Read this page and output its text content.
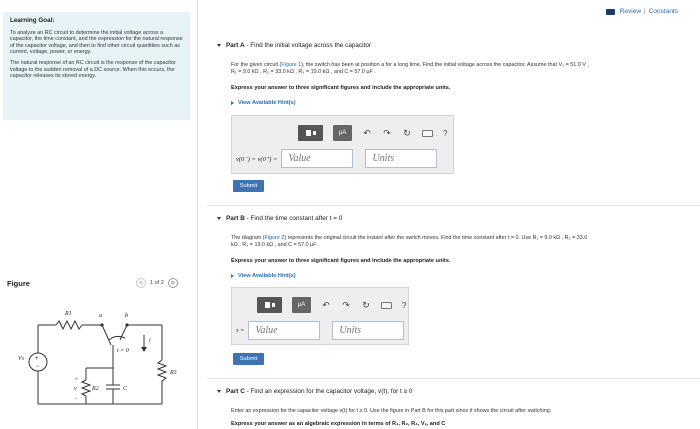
Review | Constants
Learning Goal:

To analyze an RC circuit to determine the initial voltage across a capacitor, the time constant, and the expression for the natural response of the capacitor voltage, and then to find other circuit quantities such as current, voltage, power, or energy.

The natural response of an RC circuit is the response of the capacitor voltage to the sudden removal of a DC source. When this occurs, the capacitor releases its stored energy.

Figure	< 1 of 2 >
R1	a	b
t = 0
i
R3
Vs
R2	C
+
v
−
+
−
Part A - Find the initial voltage across the capacitor
For the given circuit (Figure 1), the switch has been at position a for a long time. Find the initial voltage across the capacitor. Assume that Vₛ = 51.0 V ,
R₁ = 9.0 kΩ , R₂ = 33.0 kΩ , R₃ = 19.0 kΩ , and C = 57.0 μF .
Express your answer to three significant figures and include the appropriate units.
View Available Hint(s)
μA	↶ ↷ ↻	?
v(0⁻) = v(0⁺) =
Value
Units
Submit
Part B - Find the time constant after t = 0
The diagram (Figure 2) represents the original circuit the instant after the switch moves. Find the time constant after t = 0. Use R₁ = 9.0 kΩ , R₂ = 33.0
kΩ , R₃ = 19.0 kΩ , and C = 57.0 μF .
Express your answer to three significant figures and include the appropriate units.
View Available Hint(s)
μA	↶ ↷ ↻	?
τ =
Value
Units
Submit
Part C - Find an expression for the capacitor voltage, v(t), for t ≥ 0
Enter an expression for the capacitor voltage v(t) for t ≥ 0. Use the figure in Part B for this part since it shows the circuit after switching.
Express your answer as an algebraic expression in terms of R₁, R₂, R₃, Vₛ, and C
